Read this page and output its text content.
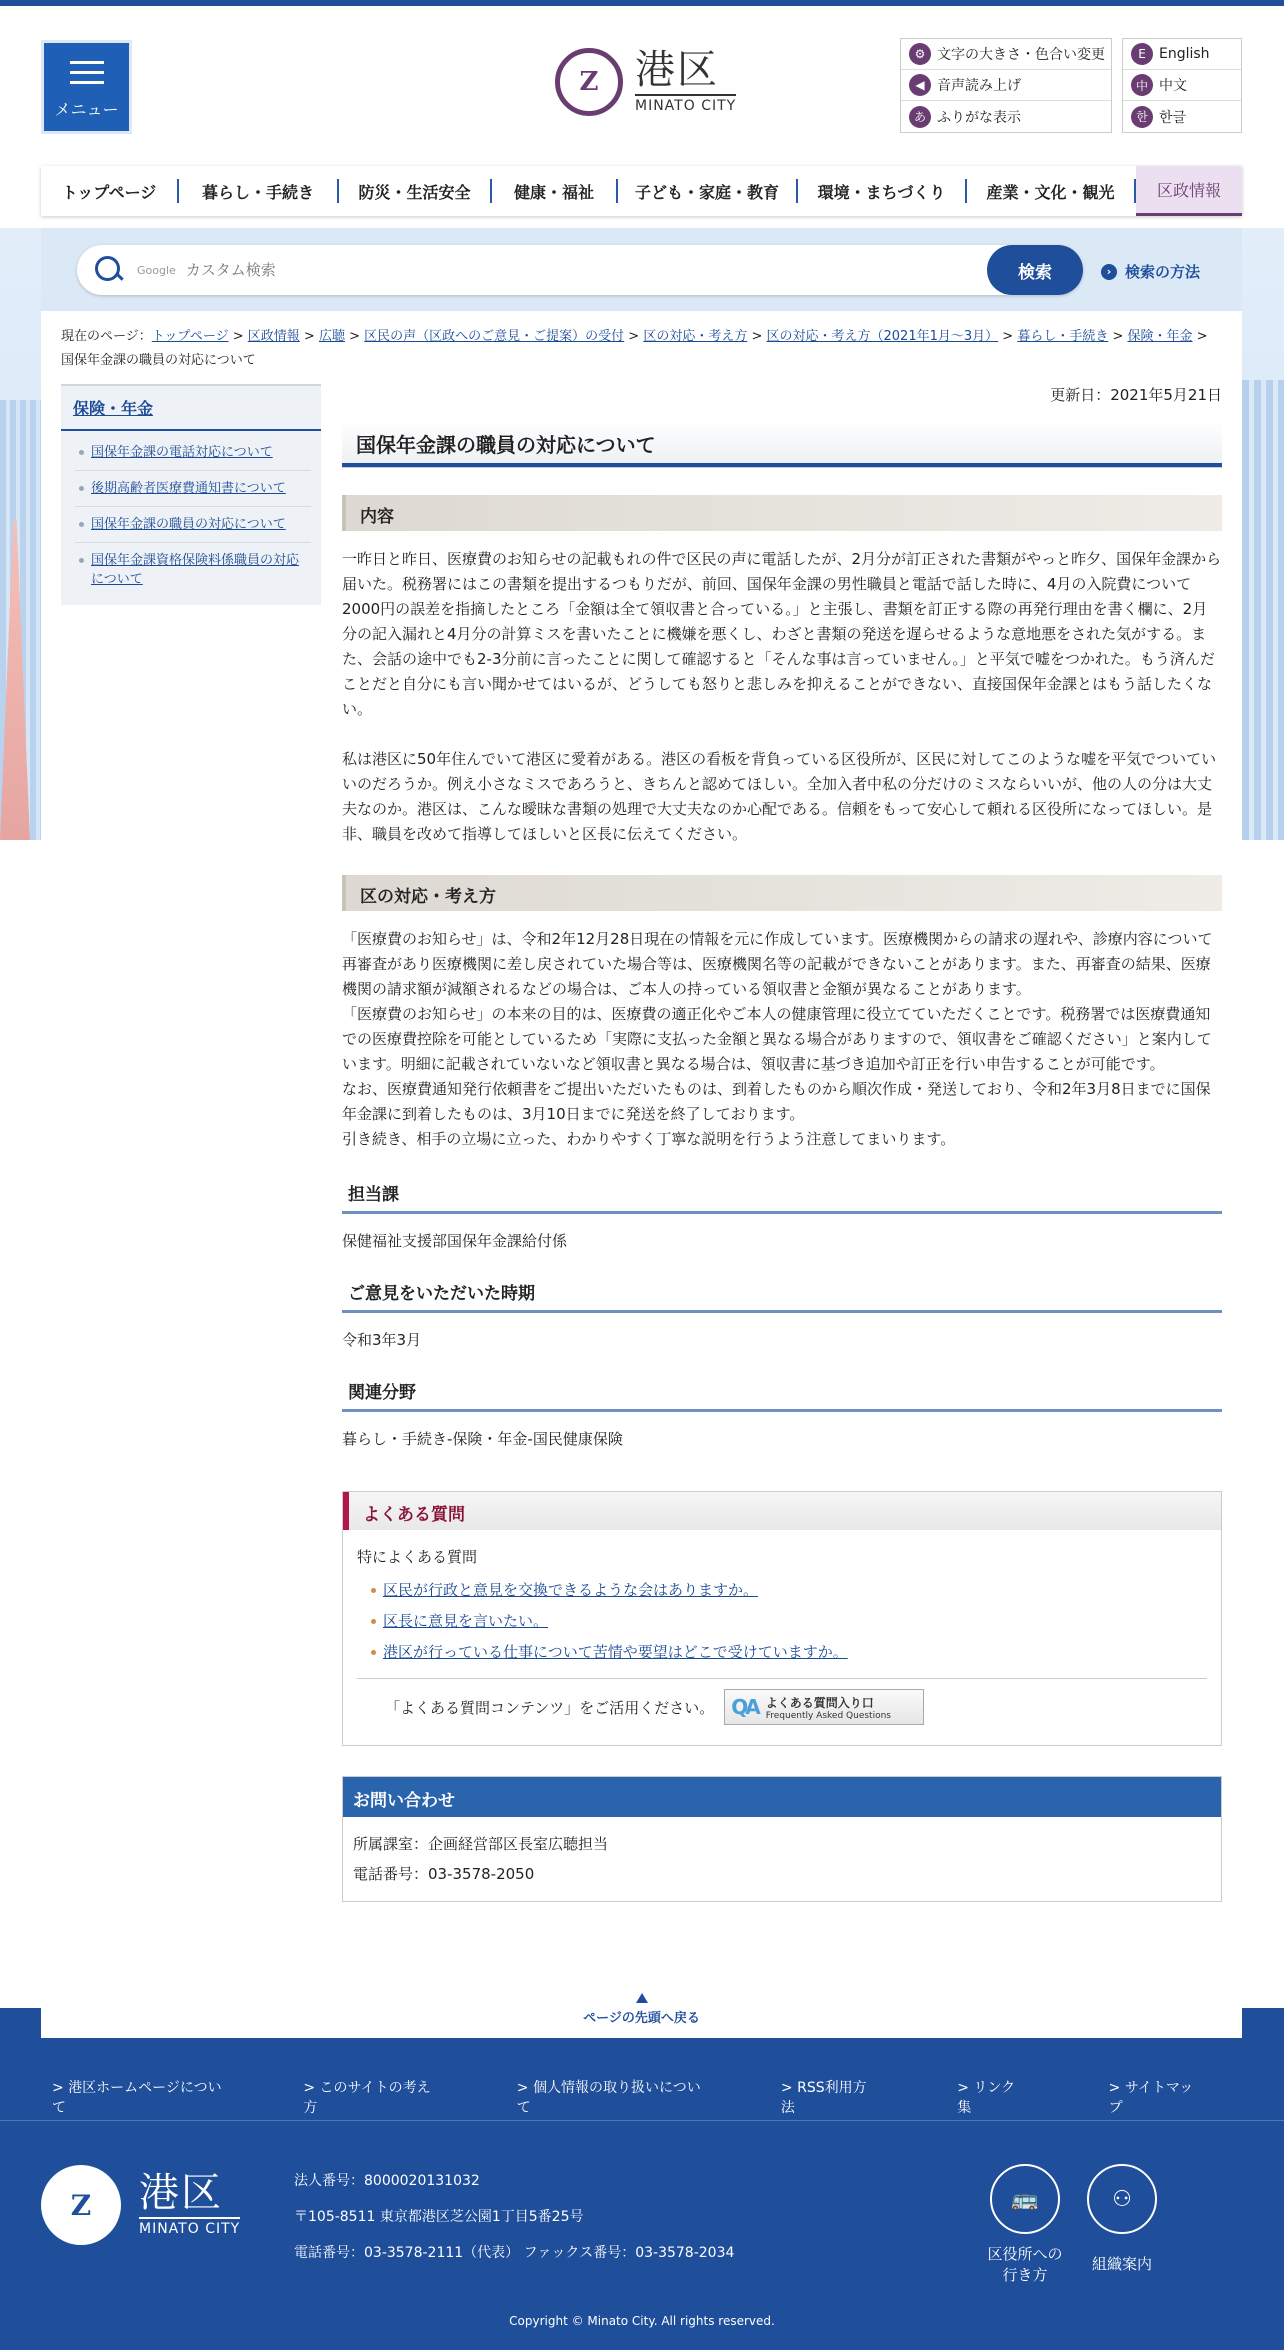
メニュー
Z 港区
MINATO CITY
⚙ 文字の大きさ・色合い変更
◀ 音声読み上げ
あ ふりがな表示
E English
中 中文
한 한글
トップページ	暮らし・手続き	防災・生活安全	健康・福祉	子ども・家庭・教育	環境・まちづくり	産業・文化・観光	区政情報
Google
カスタム検索	検索	› 検索の方法
現在のページ：トップページ > 区政情報 > 広聴 > 区民の声（区政へのご意見・ご提案）の受付 > 区の対応・考え方 > 区の対応・考え方（2021年1月～3月） > 暮らし・手続き > 保険・年金 > 国保年金課の職員の対応について
保険・年金
国保年金課の電話対応について
後期高齢者医療費通知書について
国保年金課の職員の対応について
国保年金課資格保険料係職員の対応について
更新日：2021年5月21日
国保年金課の職員の対応について
内容

一昨日と昨日、医療費のお知らせの記載もれの件で区民の声に電話したが、2月分が訂正された書類がやっと昨夕、国保年金課から届いた。税務署にはこの書類を提出するつもりだが、前回、国保年金課の男性職員と電話で話した時に、4月の入院費について2000円の誤差を指摘したところ「金額は全て領収書と合っている。」と主張し、書類を訂正する際の再発行理由を書く欄に、2月分の記入漏れと4月分の計算ミスを書いたことに機嫌を悪くし、わざと書類の発送を遅らせるような意地悪をされた気がする。また、会話の途中でも2-3分前に言ったことに関して確認すると「そんな事は言っていません。」と平気で嘘をつかれた。もう済んだことだと自分にも言い聞かせてはいるが、どうしても怒りと悲しみを抑えることができない、直接国保年金課とはもう話したくない。

私は港区に50年住んでいて港区に愛着がある。港区の看板を背負っている区役所が、区民に対してこのような嘘を平気でついていいのだろうか。例え小さなミスであろうと、きちんと認めてほしい。全加入者中私の分だけのミスならいいが、他の人の分は大丈夫なのか。港区は、こんな曖昧な書類の処理で大丈夫なのか心配である。信頼をもって安心して頼れる区役所になってほしい。是非、職員を改めて指導してほしいと区長に伝えてください。

区の対応・考え方

「医療費のお知らせ」は、令和2年12月28日現在の情報を元に作成しています。医療機関からの請求の遅れや、診療内容について再審査があり医療機関に差し戻されていた場合等は、医療機関名等の記載ができないことがあります。また、再審査の結果、医療機関の請求額が減額されるなどの場合は、ご本人の持っている領収書と金額が異なることがあります。

「医療費のお知らせ」の本来の目的は、医療費の適正化やご本人の健康管理に役立てていただくことです。税務署では医療費通知での医療費控除を可能としているため「実際に支払った金額と異なる場合がありますので、領収書をご確認ください」と案内しています。明細に記載されていないなど領収書と異なる場合は、領収書に基づき追加や訂正を行い申告することが可能です。

なお、医療費通知発行依頼書をご提出いただいたものは、到着したものから順次作成・発送しており、令和2年3月8日までに国保年金課に到着したものは、3月10日までに発送を終了しております。

引き続き、相手の立場に立った、わかりやすく丁寧な説明を行うよう注意してまいります。

担当課
保健福祉支援部国保年金課給付係
ご意見をいただいた時期
令和3年3月
関連分野
暮らし・手続き-保険・年金-国民健康保険
よくある質問
特によくある質問
区民が行政と意見を交換できるような会はありますか。
区長に意見を言いたい。
港区が行っている仕事について苦情や要望はどこで受けていますか。
「よくある質問コンテンツ」をご活用ください。 QA よくある質問入り口
Frequently Asked Questions
お問い合わせ
所属課室：企画経営部区長室広聴担当
電話番号：03-3578-2050
ページの先頭へ戻る
> 港区ホームページについて
> このサイトの考え方
> 個人情報の取り扱いについて
> RSS利用方法
> リンク集
> サイトマップ
Z	港区
MINATO CITY
法人番号：8000020131032
〒105-8511 東京都港区芝公園1丁目5番25号
電話番号：03-3578-2111（代表） ファックス番号：03-3578-2034
🚌
区役所への
行き方
⚇
組織案内
Copyright © Minato City. All rights reserved.
